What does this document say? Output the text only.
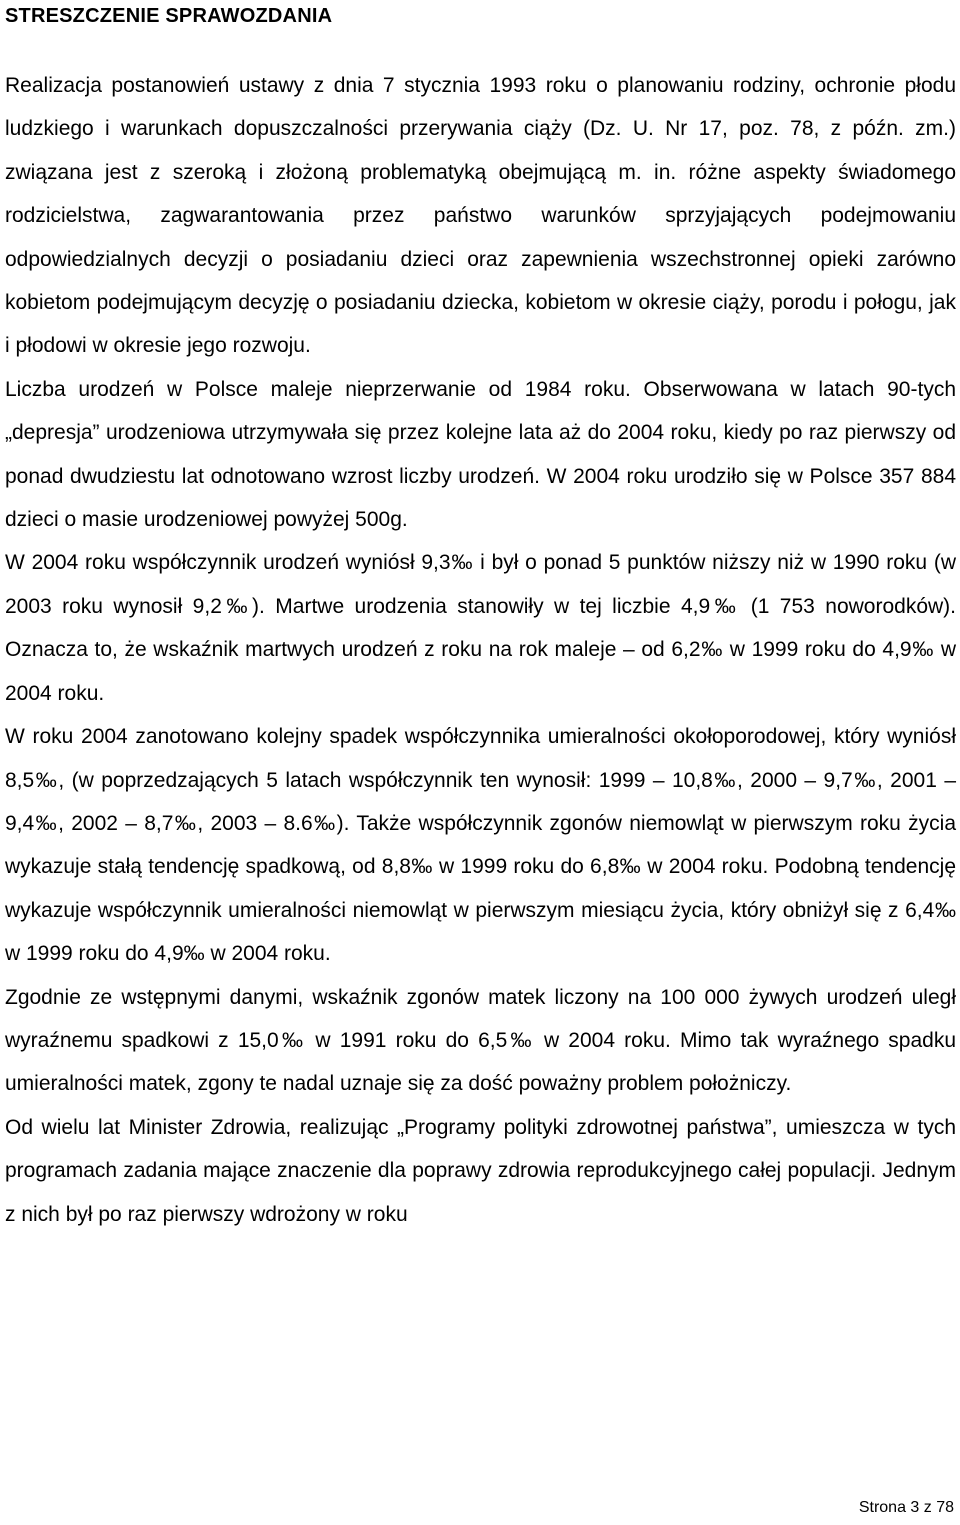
STRESZCZENIE SPRAWOZDANIA

Realizacja postanowień ustawy z dnia 7 stycznia 1993 roku o planowaniu rodziny, ochronie płodu ludzkiego i warunkach dopuszczalności przerywania ciąży (Dz. U. Nr 17, poz. 78, z późn. zm.) związana jest z szeroką i złożoną problematyką obejmującą m. in. różne aspekty świadomego rodzicielstwa, zagwarantowania przez państwo warunków sprzyjających podejmowaniu odpowiedzialnych decyzji o posiadaniu dzieci oraz zapewnienia wszechstronnej opieki zarówno kobietom podejmującym decyzję o posiadaniu dziecka, kobietom w okresie ciąży, porodu i połogu, jak i płodowi w okresie jego rozwoju.

Liczba urodzeń w Polsce maleje nieprzerwanie od 1984 roku. Obserwowana w latach 90-tych „depresja” urodzeniowa utrzymywała się przez kolejne lata aż do 2004 roku, kiedy po raz pierwszy od ponad dwudziestu lat odnotowano wzrost liczby urodzeń. W 2004 roku urodziło się w Polsce 357 884 dzieci o masie urodzeniowej powyżej 500g.

W 2004 roku współczynnik urodzeń wyniósł 9,3‰ i był o ponad 5 punktów niższy niż w 1990 roku (w 2003 roku wynosił 9,2‰). Martwe urodzenia stanowiły w tej liczbie 4,9‰ (1 753 noworodków). Oznacza to, że wskaźnik martwych urodzeń z roku na rok maleje – od 6,2‰ w 1999 roku do 4,9‰ w 2004 roku.

W roku 2004 zanotowano kolejny spadek współczynnika umieralności okołoporodowej, który wyniósł 8,5‰, (w poprzedzających 5 latach współczynnik ten wynosił: 1999 – 10,8‰, 2000 – 9,7‰, 2001 – 9,4‰, 2002 – 8,7‰, 2003 – 8.6‰). Także współczynnik zgonów niemowląt w pierwszym roku życia wykazuje stałą tendencję spadkową, od 8,8‰ w 1999 roku do 6,8‰ w 2004 roku. Podobną tendencję wykazuje współczynnik umieralności niemowląt w pierwszym miesiącu życia, który obniżył się z 6,4‰ w 1999 roku do 4,9‰ w 2004 roku.

Zgodnie ze wstępnymi danymi, wskaźnik zgonów matek liczony na 100 000 żywych urodzeń uległ wyraźnemu spadkowi z 15,0‰ w 1991 roku do 6,5‰ w 2004 roku. Mimo tak wyraźnego spadku umieralności matek, zgony te nadal uznaje się za dość poważny problem położniczy.

Od wielu lat Minister Zdrowia, realizując „Programy polityki zdrowotnej państwa”, umieszcza w tych programach zadania mające znaczenie dla poprawy zdrowia reprodukcyjnego całej populacji. Jednym z nich był po raz pierwszy wdrożony w roku

Strona 3 z 78
